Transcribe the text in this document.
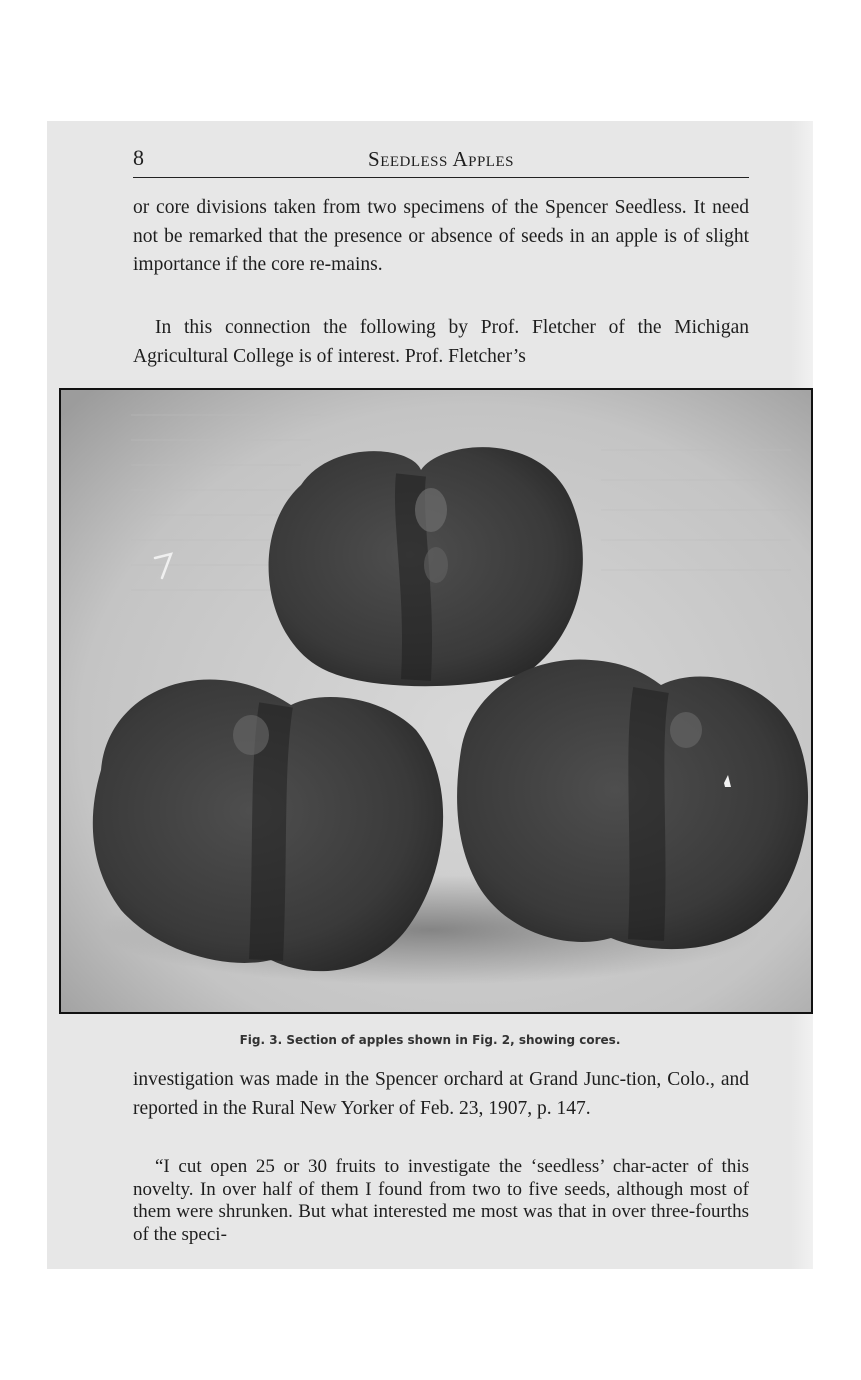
8	Seedless Apples

or core divisions taken from two specimens of the Spencer Seedless. It need not be remarked that the presence or absence of seeds in an apple is of slight importance if the core re-mains.

In this connection the following by Prof. Fletcher of the Michigan Agricultural College is of interest. Prof. Fletcher’s

Fig. 3. Section of apples shown in Fig. 2, showing cores.

investigation was made in the Spencer orchard at Grand Junc-tion, Colo., and reported in the Rural New Yorker of Feb. 23, 1907, p. 147.

“I cut open 25 or 30 fruits to investigate the ‘seedless’ char-acter of this novelty. In over half of them I found from two to five seeds, although most of them were shrunken. But what interested me most was that in over three-fourths of the speci-
